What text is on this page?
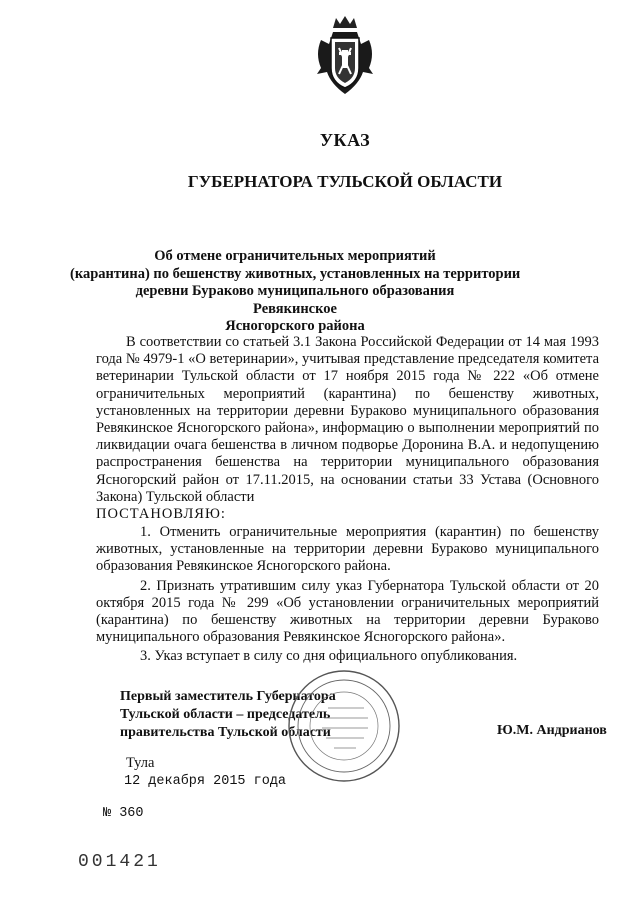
УКАЗ
ГУБЕРНАТОРА ТУЛЬСКОЙ ОБЛАСТИ
Об отмене ограничительных мероприятий
(карантина) по бешенству животных, установленных на территории
деревни Бураково муниципального образования Ревякинское
Ясногорского района
В соответствии со статьей 3.1 Закона Российской Федерации от 14 мая 1993 года № 4979-1 «О ветеринарии», учитывая представление председателя комитета ветеринарии Тульской области от 17 ноября 2015 года № 222 «Об отмене ограничительных мероприятий (карантина) по бешенству животных, установленных на территории деревни Бураково муниципального образования Ревякинское Ясногорского района», информацию о выполнении мероприятий по ликвидации очага бешенства в личном подворье Доронина В.А. и недопущению распространения бешенства на территории муниципального образования Ясногорский район от 17.11.2015, на основании статьи 33 Устава (Основного Закона) Тульской области
ПОСТАНОВЛЯЮ:

1. Отменить ограничительные мероприятия (карантин) по бешенству животных, установленные на территории деревни Бураково муниципального образования Ревякинское Ясногорского района.

2. Признать утратившим силу указ Губернатора Тульской области от 20 октября 2015 года № 299 «Об установлении ограничительных мероприятий (карантина) по бешенству животных на территории деревни Бураково муниципального образования Ревякинское Ясногорского района».

3. Указ вступает в силу со дня официального опубликования.

Первый заместитель Губернатора
Тульской области – председатель
правительства Тульской области	Ю.М. Андрианов
Тула
12 декабря 2015 года
№ 360
001421
